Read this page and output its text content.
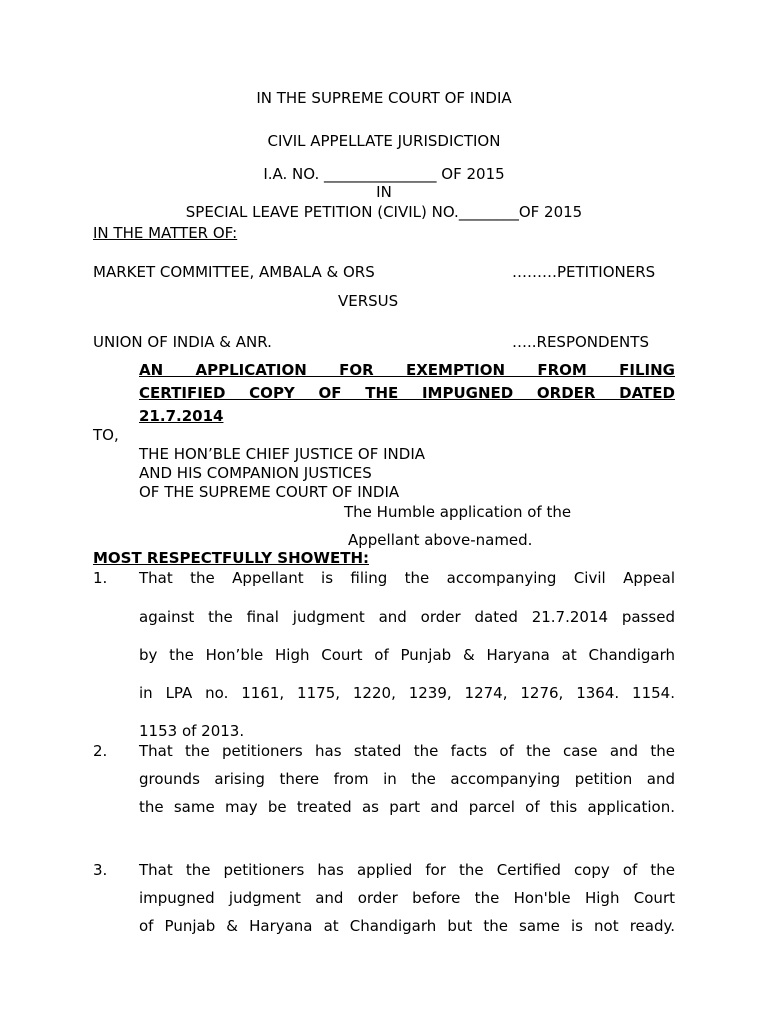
IN THE SUPREME COURT OF INDIA
CIVIL APPELLATE JURISDICTION
I.A. NO. _______________ OF 2015
IN
SPECIAL LEAVE PETITION (CIVIL) NO.________OF 2015
IN THE MATTER OF:
MARKET COMMITTEE, AMBALA & ORS	………PETITIONERS
VERSUS
UNION OF INDIA & ANR.	…..RESPONDENTS
AN APPLICATION FOR EXEMPTION FROM FILING
CERTIFIED COPY OF THE IMPUGNED ORDER DATED
21.7.2014
TO,
THE HON’BLE CHIEF JUSTICE OF INDIA
AND HIS COMPANION JUSTICES
OF THE SUPREME COURT OF INDIA
The Humble application of the
Appellant above-named.
MOST RESPECTFULLY SHOWETH:
1. That the Appellant is filing the accompanying Civil Appeal
against the final judgment and order dated 21.7.2014 passed
by the Hon’ble High Court of Punjab & Haryana at Chandigarh
in LPA no. 1161, 1175, 1220, 1239, 1274, 1276, 1364. 1154.
1153 of 2013.
2. That the petitioners has stated the facts of the case and the
grounds arising there from in the accompanying petition and
the same may be treated as part and parcel of this application.
3. That the petitioners has applied for the Certified copy of the
impugned judgment and order before the Hon'ble High Court
of Punjab & Haryana at Chandigarh but the same is not ready.
